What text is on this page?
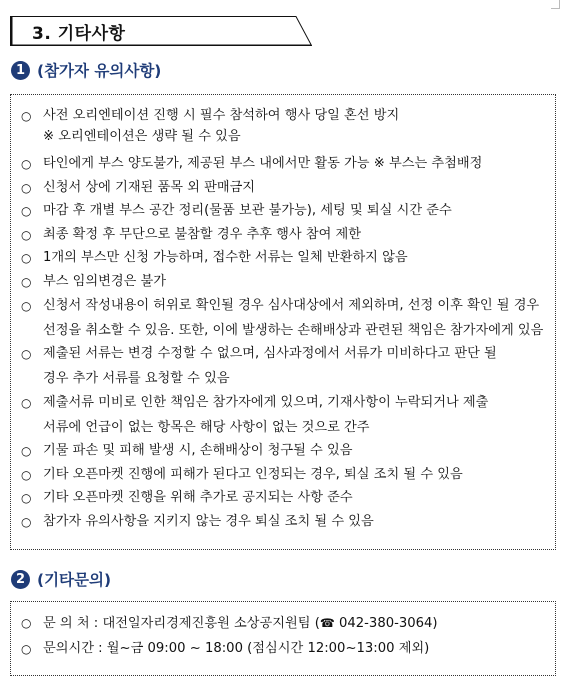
3. 기타사항
1 (참가자 유의사항)
○ 사전 오리엔테이션 진행 시 필수 참석하여 행사 당일 혼선 방지
※ 오리엔테이션은 생략 될 수 있음
○ 타인에게 부스 양도불가, 제공된 부스 내에서만 활동 가능 ※ 부스는 추첨배정
○ 신청서 상에 기재된 품목 외 판매금지
○ 마감 후 개별 부스 공간 정리(물품 보관 불가능), 세팅 및 퇴실 시간 준수
○ 최종 확정 후 무단으로 불참할 경우 추후 행사 참여 제한
○ 1개의 부스만 신청 가능하며, 접수한 서류는 일체 반환하지 않음
○ 부스 임의변경은 불가
○ 신청서 작성내용이 허위로 확인될 경우 심사대상에서 제외하며, 선정 이후 확인 될 경우
선정을 취소할 수 있음. 또한, 이에 발생하는 손해배상과 관련된 책임은 참가자에게 있음
○ 제출된 서류는 변경 수정할 수 없으며, 심사과정에서 서류가 미비하다고 판단 될
경우 추가 서류를 요청할 수 있음
○ 제출서류 미비로 인한 책임은 참가자에게 있으며, 기재사항이 누락되거나 제출
서류에 언급이 없는 항목은 해당 사항이 없는 것으로 간주
○ 기물 파손 및 피해 발생 시, 손해배상이 청구될 수 있음
○ 기타 오픈마켓 진행에 피해가 된다고 인정되는 경우, 퇴실 조치 될 수 있음
○ 기타 오픈마켓 진행을 위해 추가로 공지되는 사항 준수
○ 참가자 유의사항을 지키지 않는 경우 퇴실 조치 될 수 있음
2 (기타문의)
○ 문 의 처 : 대전일자리경제진흥원 소상공지원팀 (☎ 042-380-3064)
○ 문의시간 : 월~금 09:00 ~ 18:00 (점심시간 12:00~13:00 제외)
